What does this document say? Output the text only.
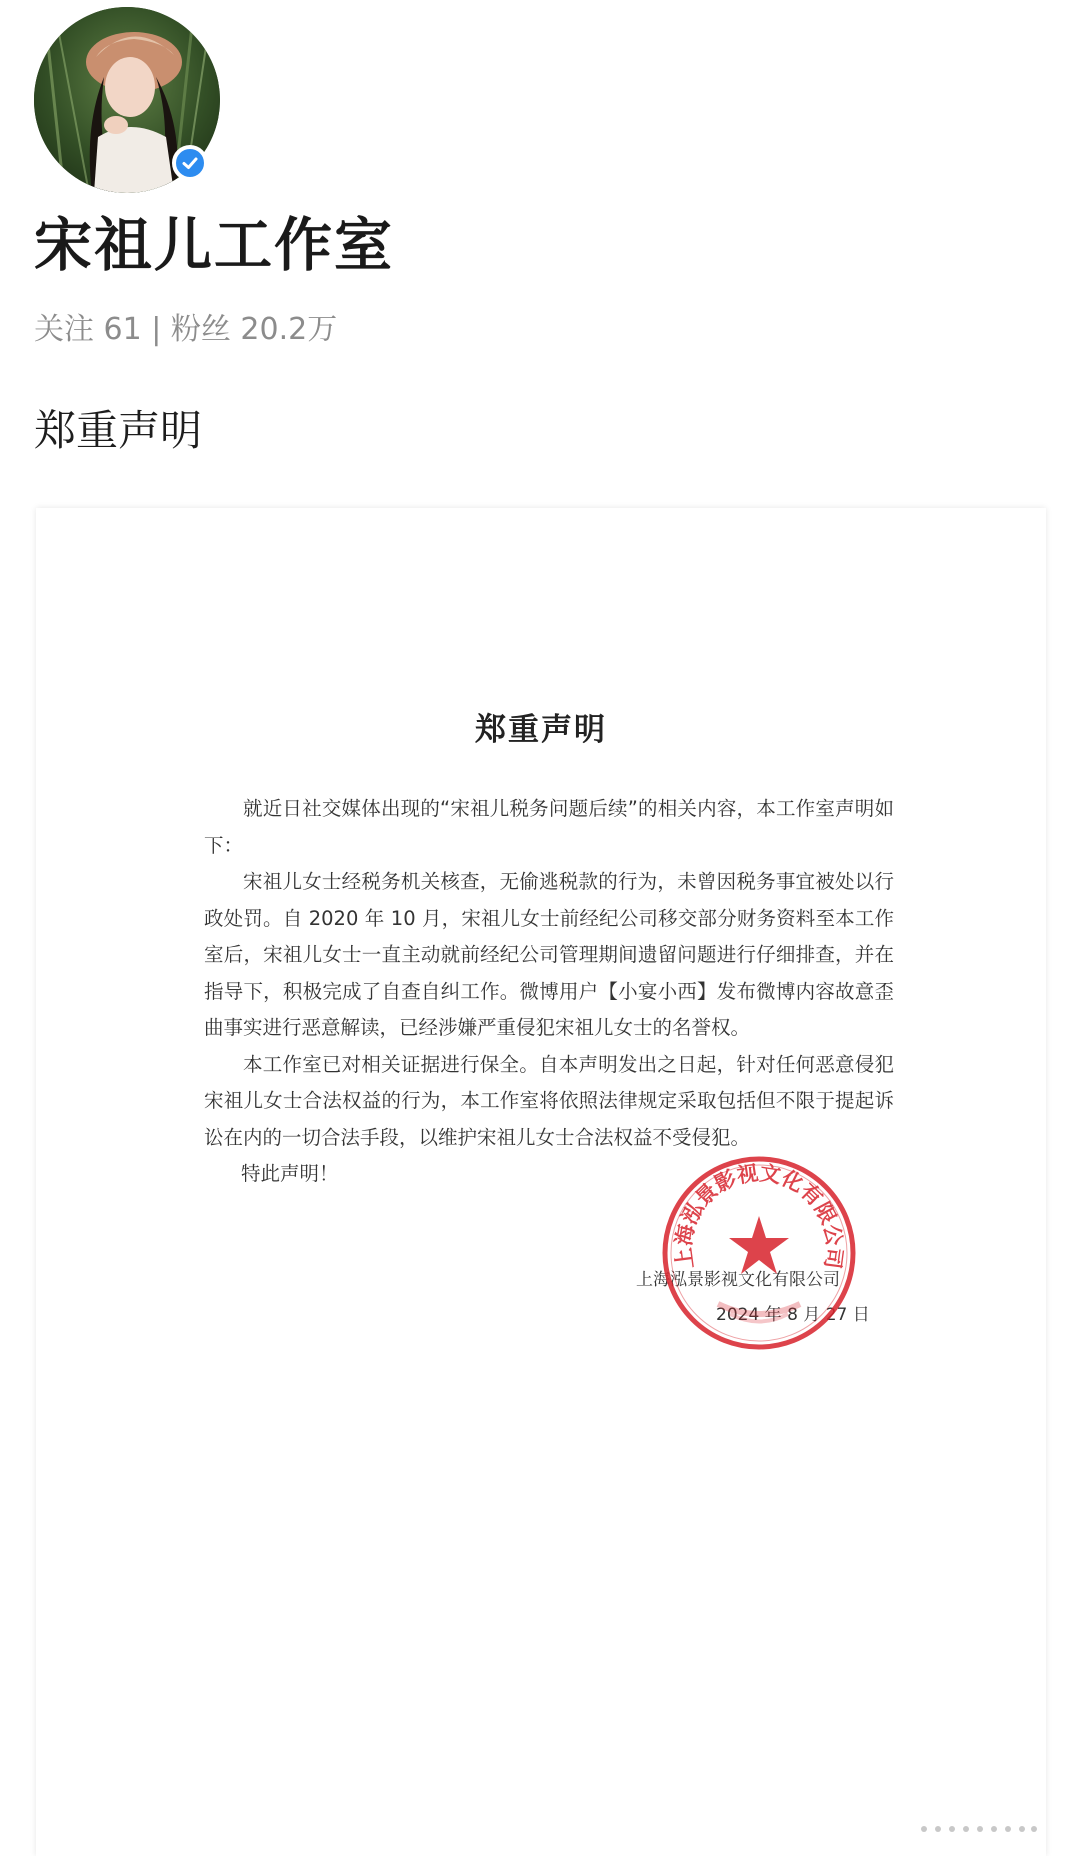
宋祖儿工作室
关注 61 | 粉丝 20.2万
郑重声明
郑重声明

就近日社交媒体出现的“宋祖儿税务问题后续”的相关内容，本工作室声明如下：

宋祖儿女士经税务机关核查，无偷逃税款的行为，未曾因税务事宜被处以行政处罚。自 2020 年 10 月，宋祖儿女士前经纪公司移交部分财务资料至本工作室后，宋祖儿女士一直主动就前经纪公司管理期间遗留问题进行仔细排查，并在指导下，积极完成了自查自纠工作。微博用户【小宴小西】发布微博内容故意歪曲事实进行恶意解读，已经涉嫌严重侵犯宋祖儿女士的名誉权。

本工作室已对相关证据进行保全。自本声明发出之日起，针对任何恶意侵犯宋祖儿女士合法权益的行为，本工作室将依照法律规定采取包括但不限于提起诉讼在内的一切合法手段，以维护宋祖儿女士合法权益不受侵犯。

特此声明！
上海泓景影视文化有限公司
2024 年 8 月 27 日
上海泓景影视文化有限公司
